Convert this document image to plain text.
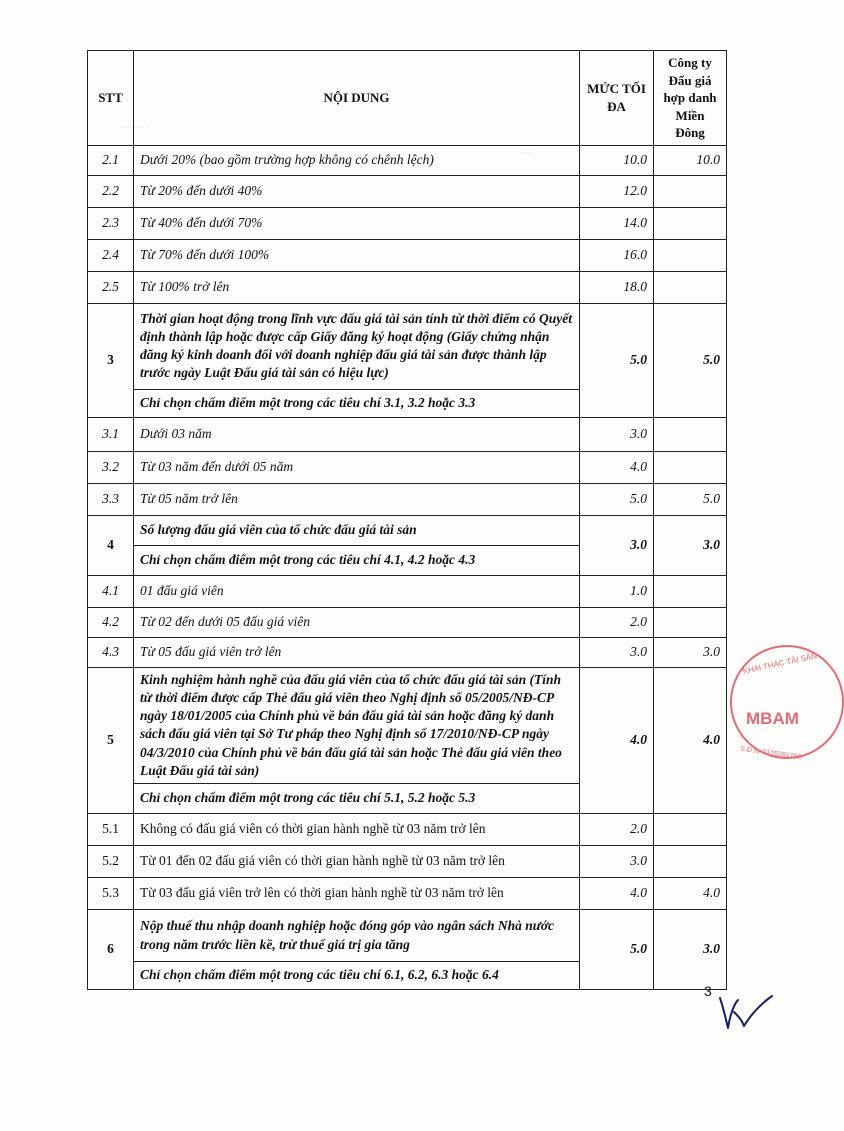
. . . . . . .
. . .
STT	NỘI DUNG	MỨC TỐI ĐA	Công ty Đấu giá hợp danh Miền Đông
2.1	Dưới 20% (bao gồm trường hợp không có chênh lệch)	10.0	10.0
2.2	Từ 20% đến dưới 40%	12.0	
2.3	Từ 40% đến dưới 70%	14.0	
2.4	Từ 70% đến dưới 100%	16.0	
2.5	Từ 100% trở lên	18.0	
3	Thời gian hoạt động trong lĩnh vực đấu giá tài sản tính từ thời điểm có Quyết định thành lập hoặc được cấp Giấy đăng ký hoạt động (Giấy chứng nhận đăng ký kinh doanh đối với doanh nghiệp đấu giá tài sản được thành lập trước ngày Luật Đấu giá tài sản có hiệu lực)	5.0	5.0
	Chỉ chọn chấm điểm một trong các tiêu chí 3.1, 3.2 hoặc 3.3		
3.1	Dưới 03 năm	3.0	
3.2	Từ 03 năm đến dưới 05 năm	4.0	
3.3	Từ 05 năm trở lên	5.0	5.0
4	Số lượng đấu giá viên của tổ chức đấu giá tài sản	3.0	3.0
	Chỉ chọn chấm điểm một trong các tiêu chí 4.1, 4.2 hoặc 4.3		
4.1	01 đấu giá viên	1.0	
4.2	Từ 02 đến dưới 05 đấu giá viên	2.0	
4.3	Từ 05 đấu giá viên trở lên	3.0	3.0
5	Kinh nghiệm hành nghề của đấu giá viên của tổ chức đấu giá tài sản (Tính từ thời điểm được cấp Thẻ đấu giá viên theo Nghị định số 05/2005/NĐ-CP ngày 18/01/2005 của Chính phủ về bán đấu giá tài sản hoặc đăng ký danh sách đấu giá viên tại Sở Tư pháp theo Nghị định số 17/2010/NĐ-CP ngày 04/3/2010 của Chính phủ về bán đấu giá tài sản hoặc Thẻ đấu giá viên theo Luật Đấu giá tài sản)	4.0	4.0
	Chỉ chọn chấm điểm một trong các tiêu chí 5.1, 5.2 hoặc 5.3		
5.1	Không có đấu giá viên có thời gian hành nghề từ 03 năm trở lên	2.0	
5.2	Từ 01 đến 02 đấu giá viên có thời gian hành nghề từ 03 năm trở lên	3.0	
5.3	Từ 03 đấu giá viên trở lên có thời gian hành nghề từ 03 năm trở lên	4.0	4.0
6	Nộp thuế thu nhập doanh nghiệp hoặc đóng góp vào ngân sách Nhà nước trong năm trước liền kề, trừ thuế giá trị gia tăng	5.0	3.0
	Chỉ chọn chấm điểm một trong các tiêu chí 6.1, 6.2, 6.3 hoặc 6.4		
KHAI THÁC TÀI SẢN
MBAM
S.Đ.N: 0105281799
3
